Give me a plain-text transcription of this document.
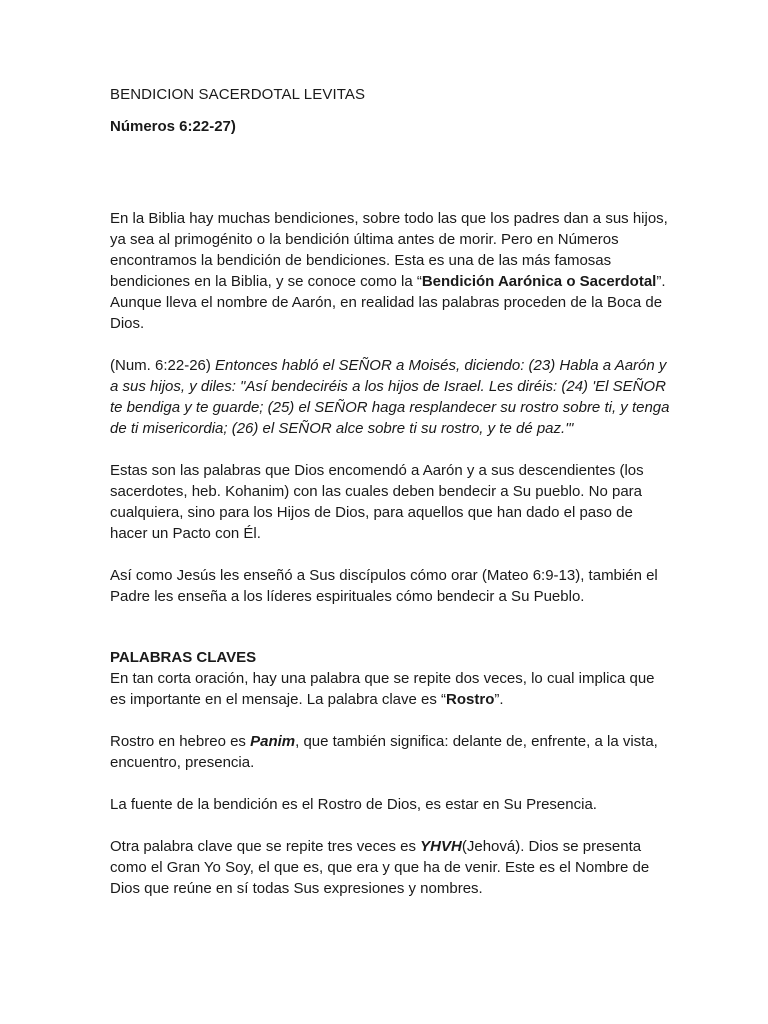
BENDICION SACERDOTAL LEVITAS

Números 6:22-27)

En la Biblia hay muchas bendiciones, sobre todo las que los padres dan a sus hijos, ya sea al primogénito o la bendición última antes de morir. Pero en Números encontramos la bendición de bendiciones. Esta es una de las más famosas bendiciones en la Biblia, y se conoce como la “Bendición Aarónica o Sacerdotal”. Aunque lleva el nombre de Aarón, en realidad las palabras proceden de la Boca de Dios.

(Num. 6:22-26) Entonces habló el SEÑOR a Moisés, diciendo: (23) Habla a Aarón y a sus hijos, y diles: "Así bendeciréis a los hijos de Israel. Les diréis: (24) 'El SEÑOR te bendiga y te guarde; (25) el SEÑOR haga resplandecer su rostro sobre ti, y tenga de ti misericordia; (26) el SEÑOR alce sobre ti su rostro, y te dé paz.'"

Estas son las palabras que Dios encomendó a Aarón y a sus descendientes (los sacerdotes, heb. Kohanim) con las cuales deben bendecir a Su pueblo. No para cualquiera, sino para los Hijos de Dios, para aquellos que han dado el paso de hacer un Pacto con Él.

Así como Jesús les enseñó a Sus discípulos cómo orar (Mateo 6:9-13), también el Padre les enseña a los líderes espirituales cómo bendecir a Su Pueblo.

PALABRAS CLAVES

En tan corta oración, hay una palabra que se repite dos veces, lo cual implica que es importante en el mensaje. La palabra clave es “Rostro”.

Rostro en hebreo es Panim, que también significa: delante de, enfrente, a la vista, encuentro, presencia.

La fuente de la bendición es el Rostro de Dios, es estar en Su Presencia.

Otra palabra clave que se repite tres veces es YHVH(Jehová). Dios se presenta como el Gran Yo Soy, el que es, que era y que ha de venir. Este es el Nombre de Dios que reúne en sí todas Sus expresiones y nombres.
